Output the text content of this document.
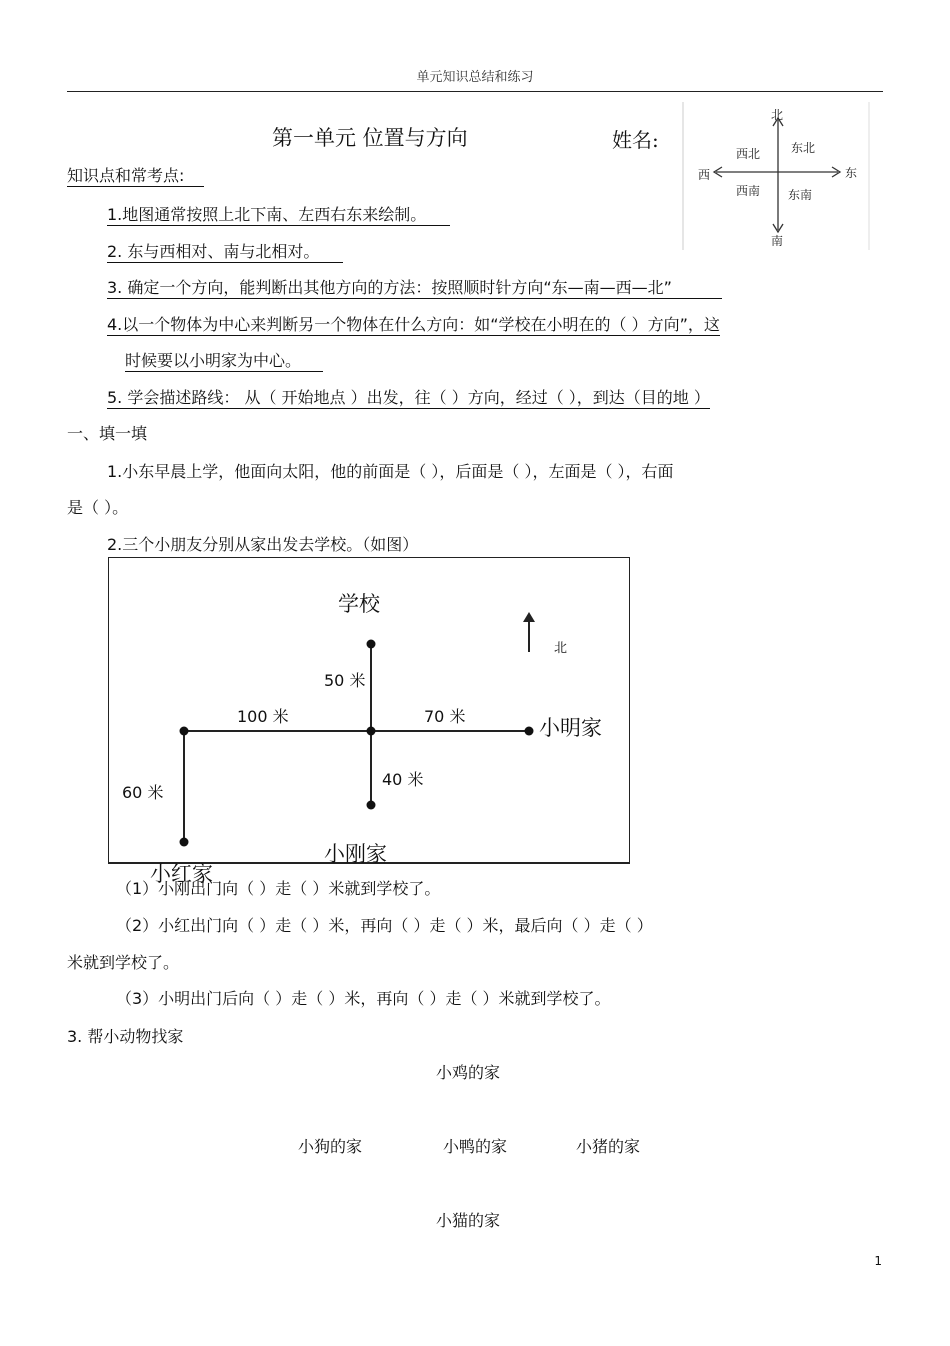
单元知识总结和练习
第一单元 位置与方向	姓名:
北
南
东
西
西北	东北
西南 东南
知识点和常考点:
1.地图通常按照上北下南、左西右东来绘制。
2. 东与西相对、南与北相对。
3. 确定一个方向，能判断出其他方向的方法：按照顺时针方向“东—南—西—北”
4.以一个物体为中心来判断另一个物体在什么方向：如“学校在小明在的（ ）方向”，这
时候要以小明家为中心。
5. 学会描述路线： 从（ 开始地点 ）出发，往（ ）方向，经过（ ），到达（目的地 ）
一、填一填
1.小东早晨上学，他面向太阳，他的前面是（ ），后面是（ ），左面是（ ），右面
是（ ）。
2.三个小朋友分别从家出发去学校。（如图）
学校
北
50 米
100 米	70 米
40 米
60 米
小明家
小刚家
小红家
（1）小刚出门向（ ）走（ ）米就到学校了。
（2）小红出门向（ ）走（ ）米，再向（ ）走（ ）米，最后向（ ）走（ ）
米就到学校了。
（3）小明出门后向（ ）走（ ）米，再向（ ）走（ ）米就到学校了。
3. 帮小动物找家
小鸡的家
小狗的家	小鸭的家	小猪的家
小猫的家
1
